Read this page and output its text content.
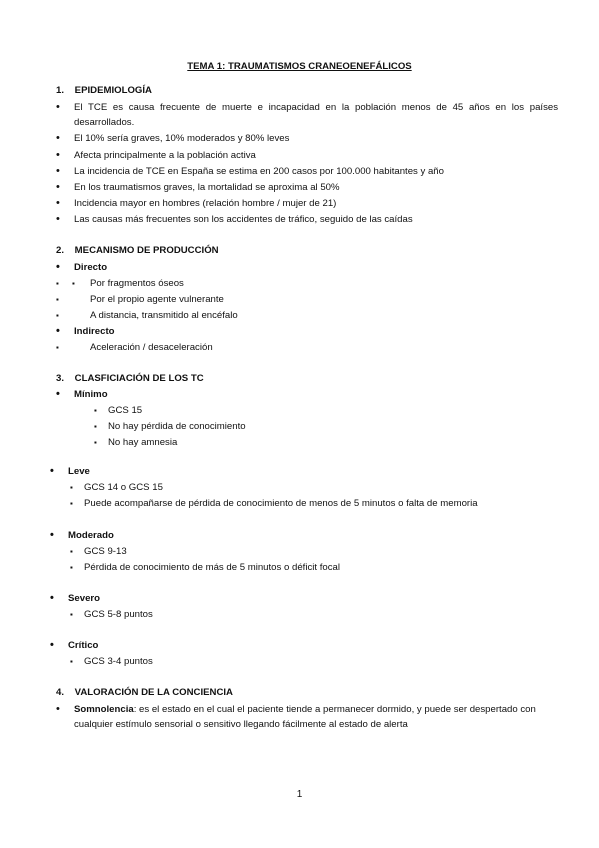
TEMA 1: TRAUMATISMOS CRANEOENEFÁLICOS
1. EPIDEMIOLOGÍA
• El TCE es causa frecuente de muerte e incapacidad en la población menos de 45 años en los países desarrollados.
• El 10% sería graves, 10% moderados y 80% leves
• Afecta principalmente a la población activa
• La incidencia de TCE en España se estima en 200 casos por 100.000 habitantes y año
• En los traumatismos graves, la mortalidad se aproxima al 50%
• Incidencia mayor en hombres (relación hombre / mujer de 21)
• Las causas más frecuentes son los accidentes de tráfico, seguido de las caídas
2. MECANISMO DE PRODUCCIÓN
• Directo
▪ ▪	Por fragmentos óseos
▪	Por el propio agente vulnerante
▪	A distancia, transmitido al encéfalo
• Indirecto
▪	Aceleración / desaceleración
3. CLASFICIACIÓN DE LOS TC
• Mínimo
▪ GCS 15
▪ No hay pérdida de conocimiento
▪ No hay amnesia
• Leve
▪ GCS 14 o GCS 15
▪ Puede acompañarse de pérdida de conocimiento de menos de 5 minutos o falta de memoria
• Moderado
▪ GCS 9-13
▪ Pérdida de conocimiento de más de 5 minutos o déficit focal
• Severo
▪ GCS 5-8 puntos
• Crítico
▪ GCS 3-4 puntos
4. VALORACIÓN DE LA CONCIENCIA
• Somnolencia: es el estado en el cual el paciente tiende a permanecer dormido, y puede ser despertado con cualquier estímulo sensorial o sensitivo llegando fácilmente al estado de alerta
1
